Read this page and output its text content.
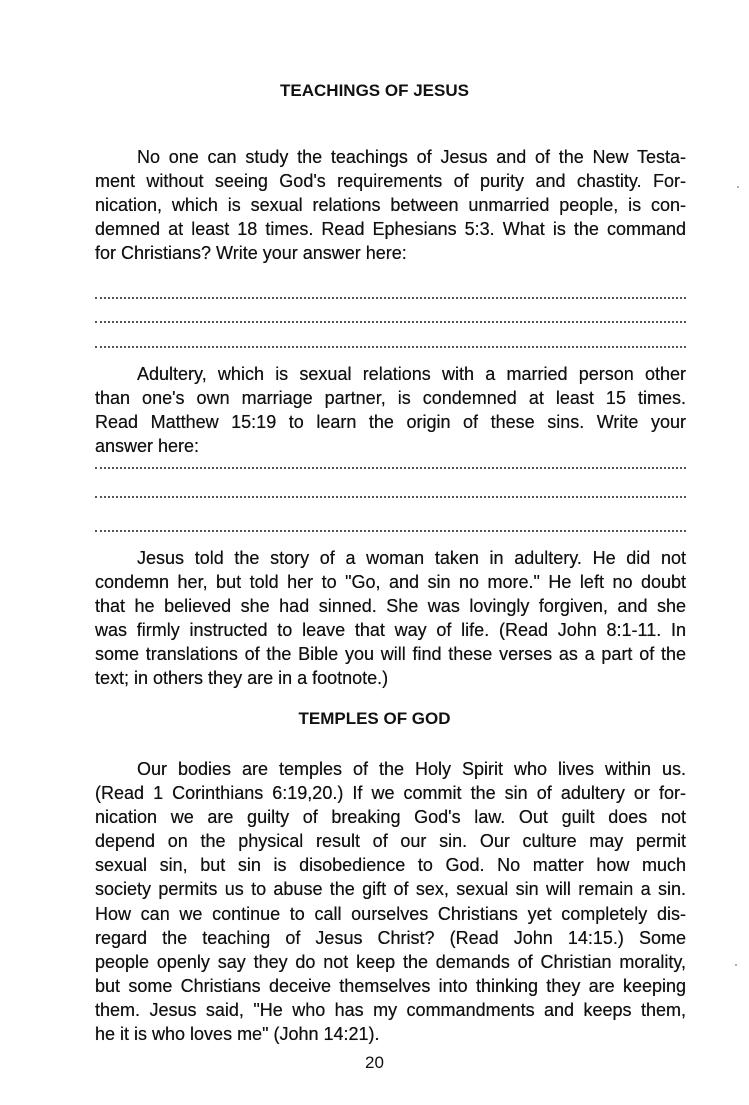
TEACHINGS OF JESUS
No one can study the teachings of Jesus and of the New Testa-
ment without seeing God's requirements of purity and chastity. For-
nication, which is sexual relations between unmarried people, is con-
demned at least 18 times. Read Ephesians 5:3. What is the command
for Christians? Write your answer here:
Adultery, which is sexual relations with a married person other
than one's own marriage partner, is condemned at least 15 times.
Read Matthew 15:19 to learn the origin of these sins. Write your
answer here:
Jesus told the story of a woman taken in adultery. He did not
condemn her, but told her to "Go, and sin no more." He left no doubt
that he believed she had sinned. She was lovingly forgiven, and she
was firmly instructed to leave that way of life. (Read John 8:1-11. In
some translations of the Bible you will find these verses as a part of the
text; in others they are in a footnote.)
TEMPLES OF GOD
Our bodies are temples of the Holy Spirit who lives within us.
(Read 1 Corinthians 6:19,20.) If we commit the sin of adultery or for-
nication we are guilty of breaking God's law. Out guilt does not
depend on the physical result of our sin. Our culture may permit
sexual sin, but sin is disobedience to God. No matter how much
society permits us to abuse the gift of sex, sexual sin will remain a sin.
How can we continue to call ourselves Christians yet completely dis-
regard the teaching of Jesus Christ? (Read John 14:15.) Some
people openly say they do not keep the demands of Christian morality,
but some Christians deceive themselves into thinking they are keeping
them. Jesus said, "He who has my commandments and keeps them,
he it is who loves me" (John 14:21).
20
